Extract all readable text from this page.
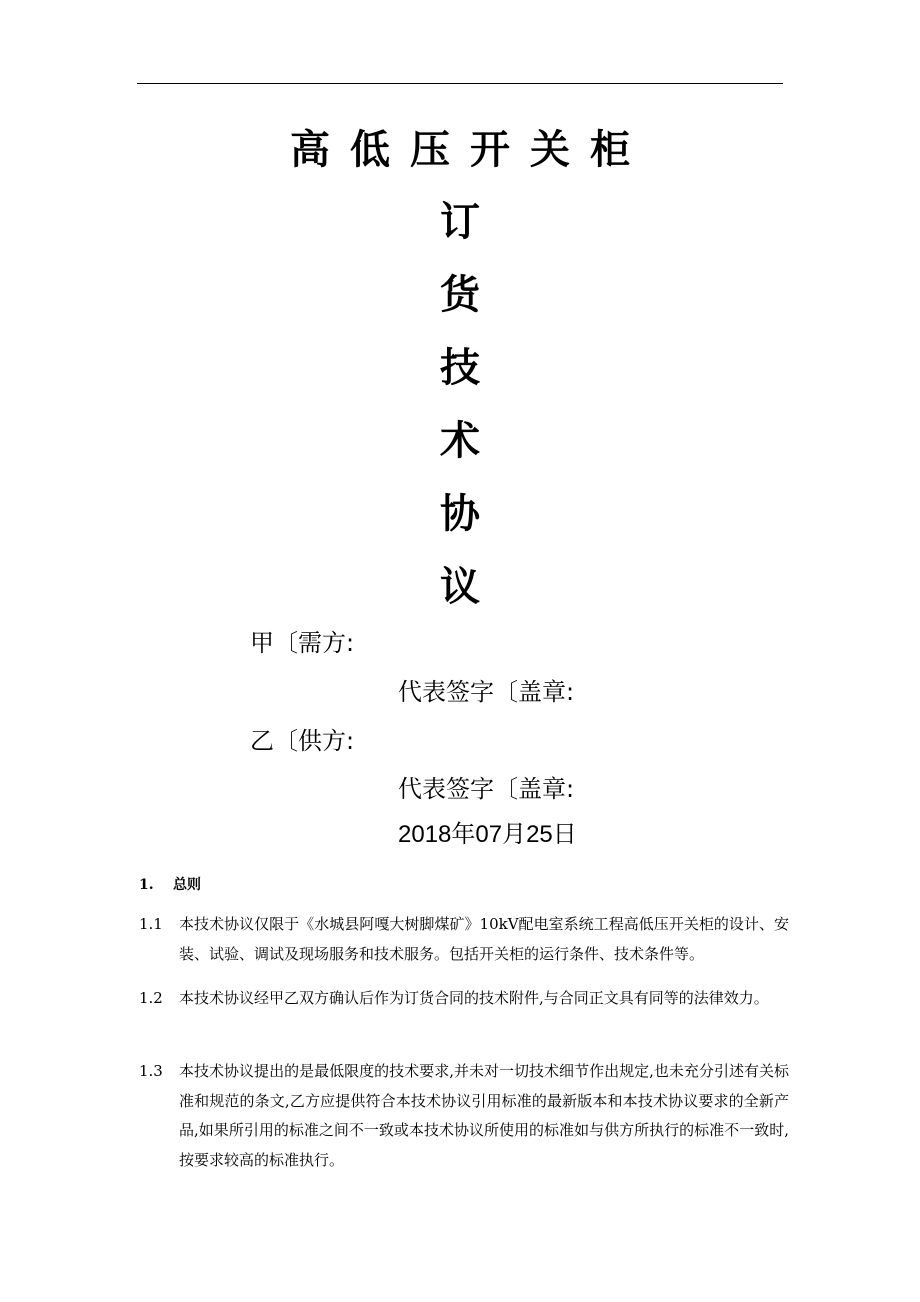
高低压开关柜
订
货
技
术
协
议
甲〔需方:
代表签字〔盖章:
乙〔供方:
代表签字〔盖章:
2018年07月25日
1. 总则
1.1	本技术协议仅限于《水城县阿嘎大树脚煤矿》10kV配电室系统工程高低压开关柜的设计、安装、试验、调试及现场服务和技术服务。包括开关柜的运行条件、技术条件等。
1.2	本技术协议经甲乙双方确认后作为订货合同的技术附件,与合同正文具有同等的法律效力。
1.3	本技术协议提出的是最低限度的技术要求,并未对一切技术细节作出规定,也未充分引述有关标准和规范的条文,乙方应提供符合本技术协议引用标准的最新版本和本技术协议要求的全新产品,如果所引用的标准之间不一致或本技术协议所使用的标准如与供方所执行的标准不一致时,按要求较高的标准执行。
